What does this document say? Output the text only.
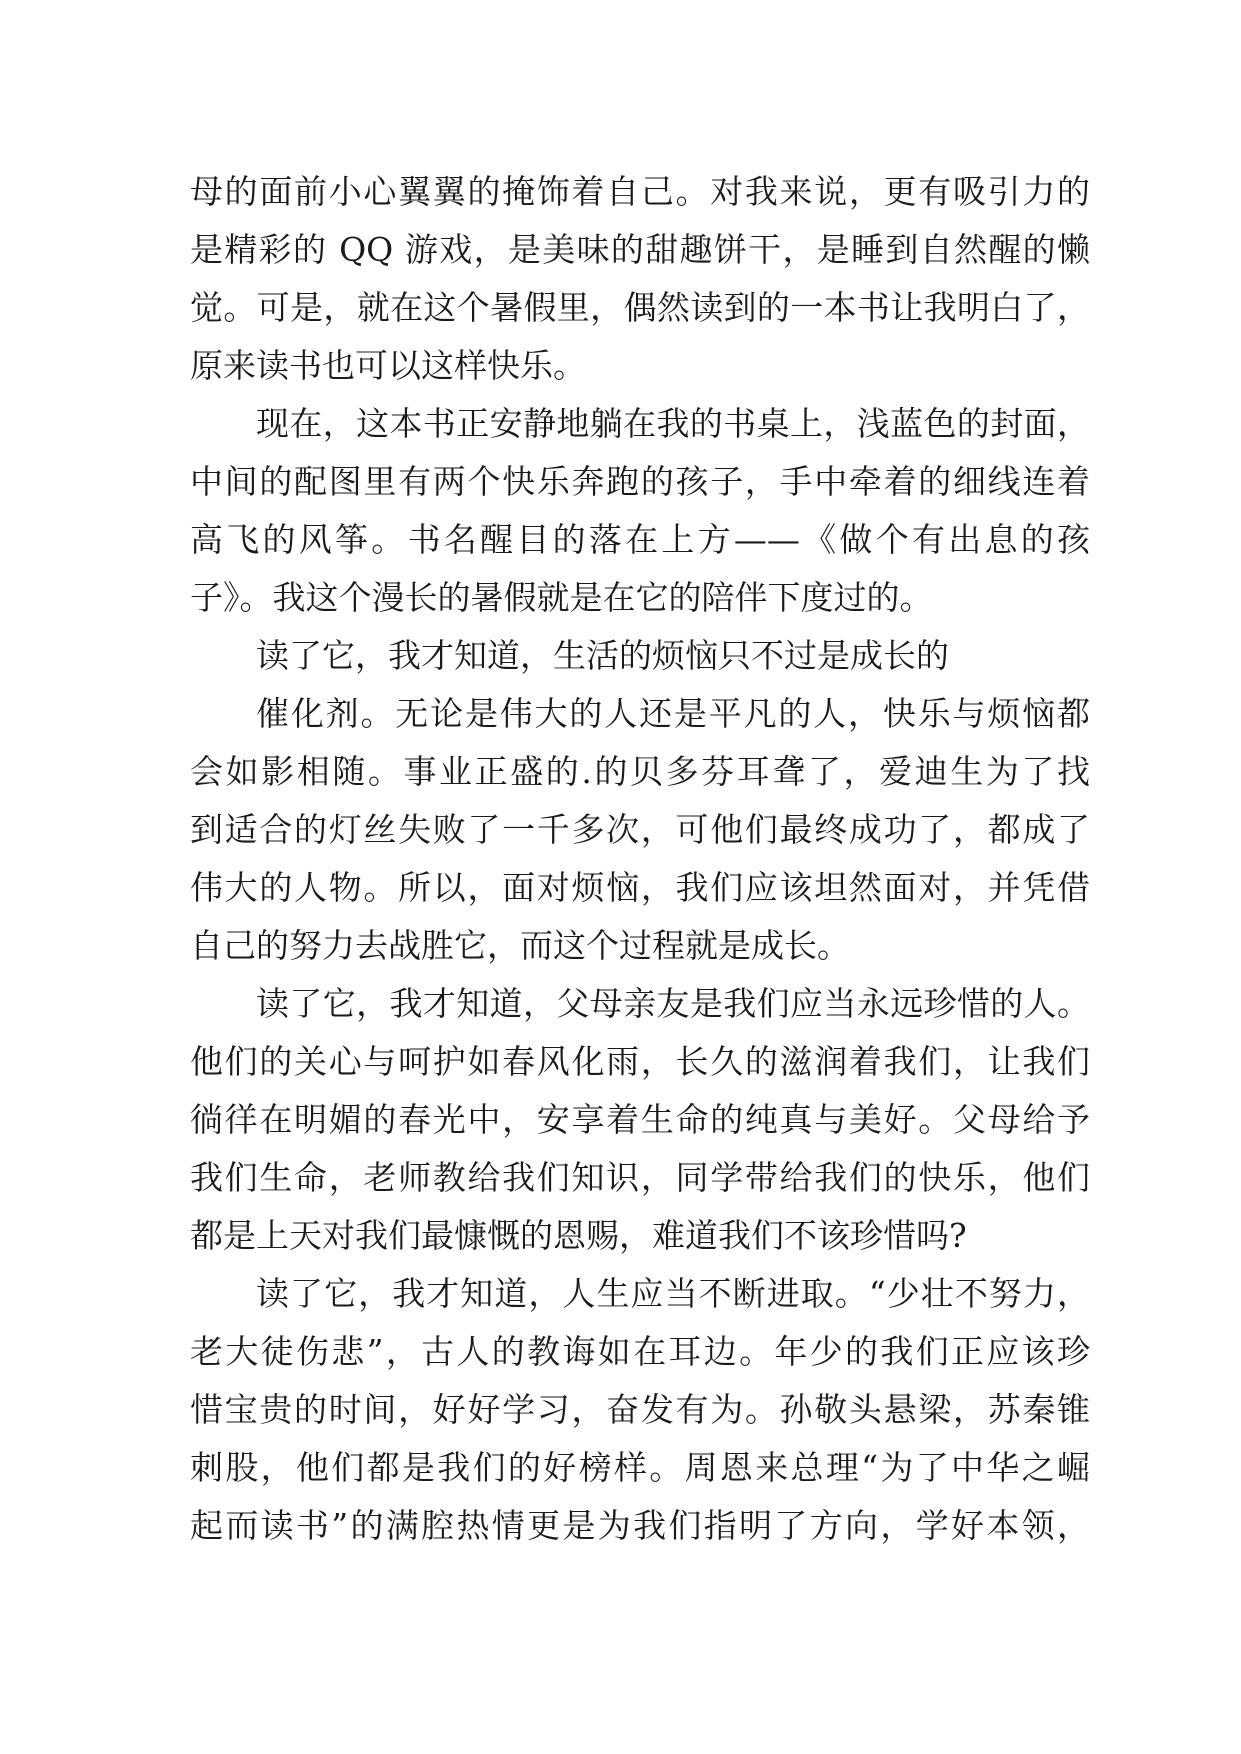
母的面前小心翼翼的掩饰着自己。对我来说，更有吸引力的
是精彩的 QQ 游戏，是美味的甜趣饼干，是睡到自然醒的懒
觉。可是，就在这个暑假里，偶然读到的一本书让我明白了，
原来读书也可以这样快乐。
现在，这本书正安静地躺在我的书桌上，浅蓝色的封面，
中间的配图里有两个快乐奔跑的孩子，手中牵着的细线连着
高飞的风筝。书名醒目的落在上方——《做个有出息的孩
子》。我这个漫长的暑假就是在它的陪伴下度过的。
读了它，我才知道，生活的烦恼只不过是成长的
催化剂。无论是伟大的人还是平凡的人，快乐与烦恼都
会如影相随。事业正盛的.的贝多芬耳聋了，爱迪生为了找
到适合的灯丝失败了一千多次，可他们最终成功了，都成了
伟大的人物。所以，面对烦恼，我们应该坦然面对，并凭借
自己的努力去战胜它，而这个过程就是成长。
读了它，我才知道，父母亲友是我们应当永远珍惜的人。
他们的关心与呵护如春风化雨，长久的滋润着我们，让我们
徜徉在明媚的春光中，安享着生命的纯真与美好。父母给予
我们生命，老师教给我们知识，同学带给我们的快乐，他们
都是上天对我们最慷慨的恩赐，难道我们不该珍惜吗?
读了它，我才知道，人生应当不断进取。“少壮不努力，
老大徒伤悲”，古人的教诲如在耳边。年少的我们正应该珍
惜宝贵的时间，好好学习，奋发有为。孙敬头悬梁，苏秦锥
刺股，他们都是我们的好榜样。周恩来总理“为了中华之崛
起而读书”的满腔热情更是为我们指明了方向，学好本领，
